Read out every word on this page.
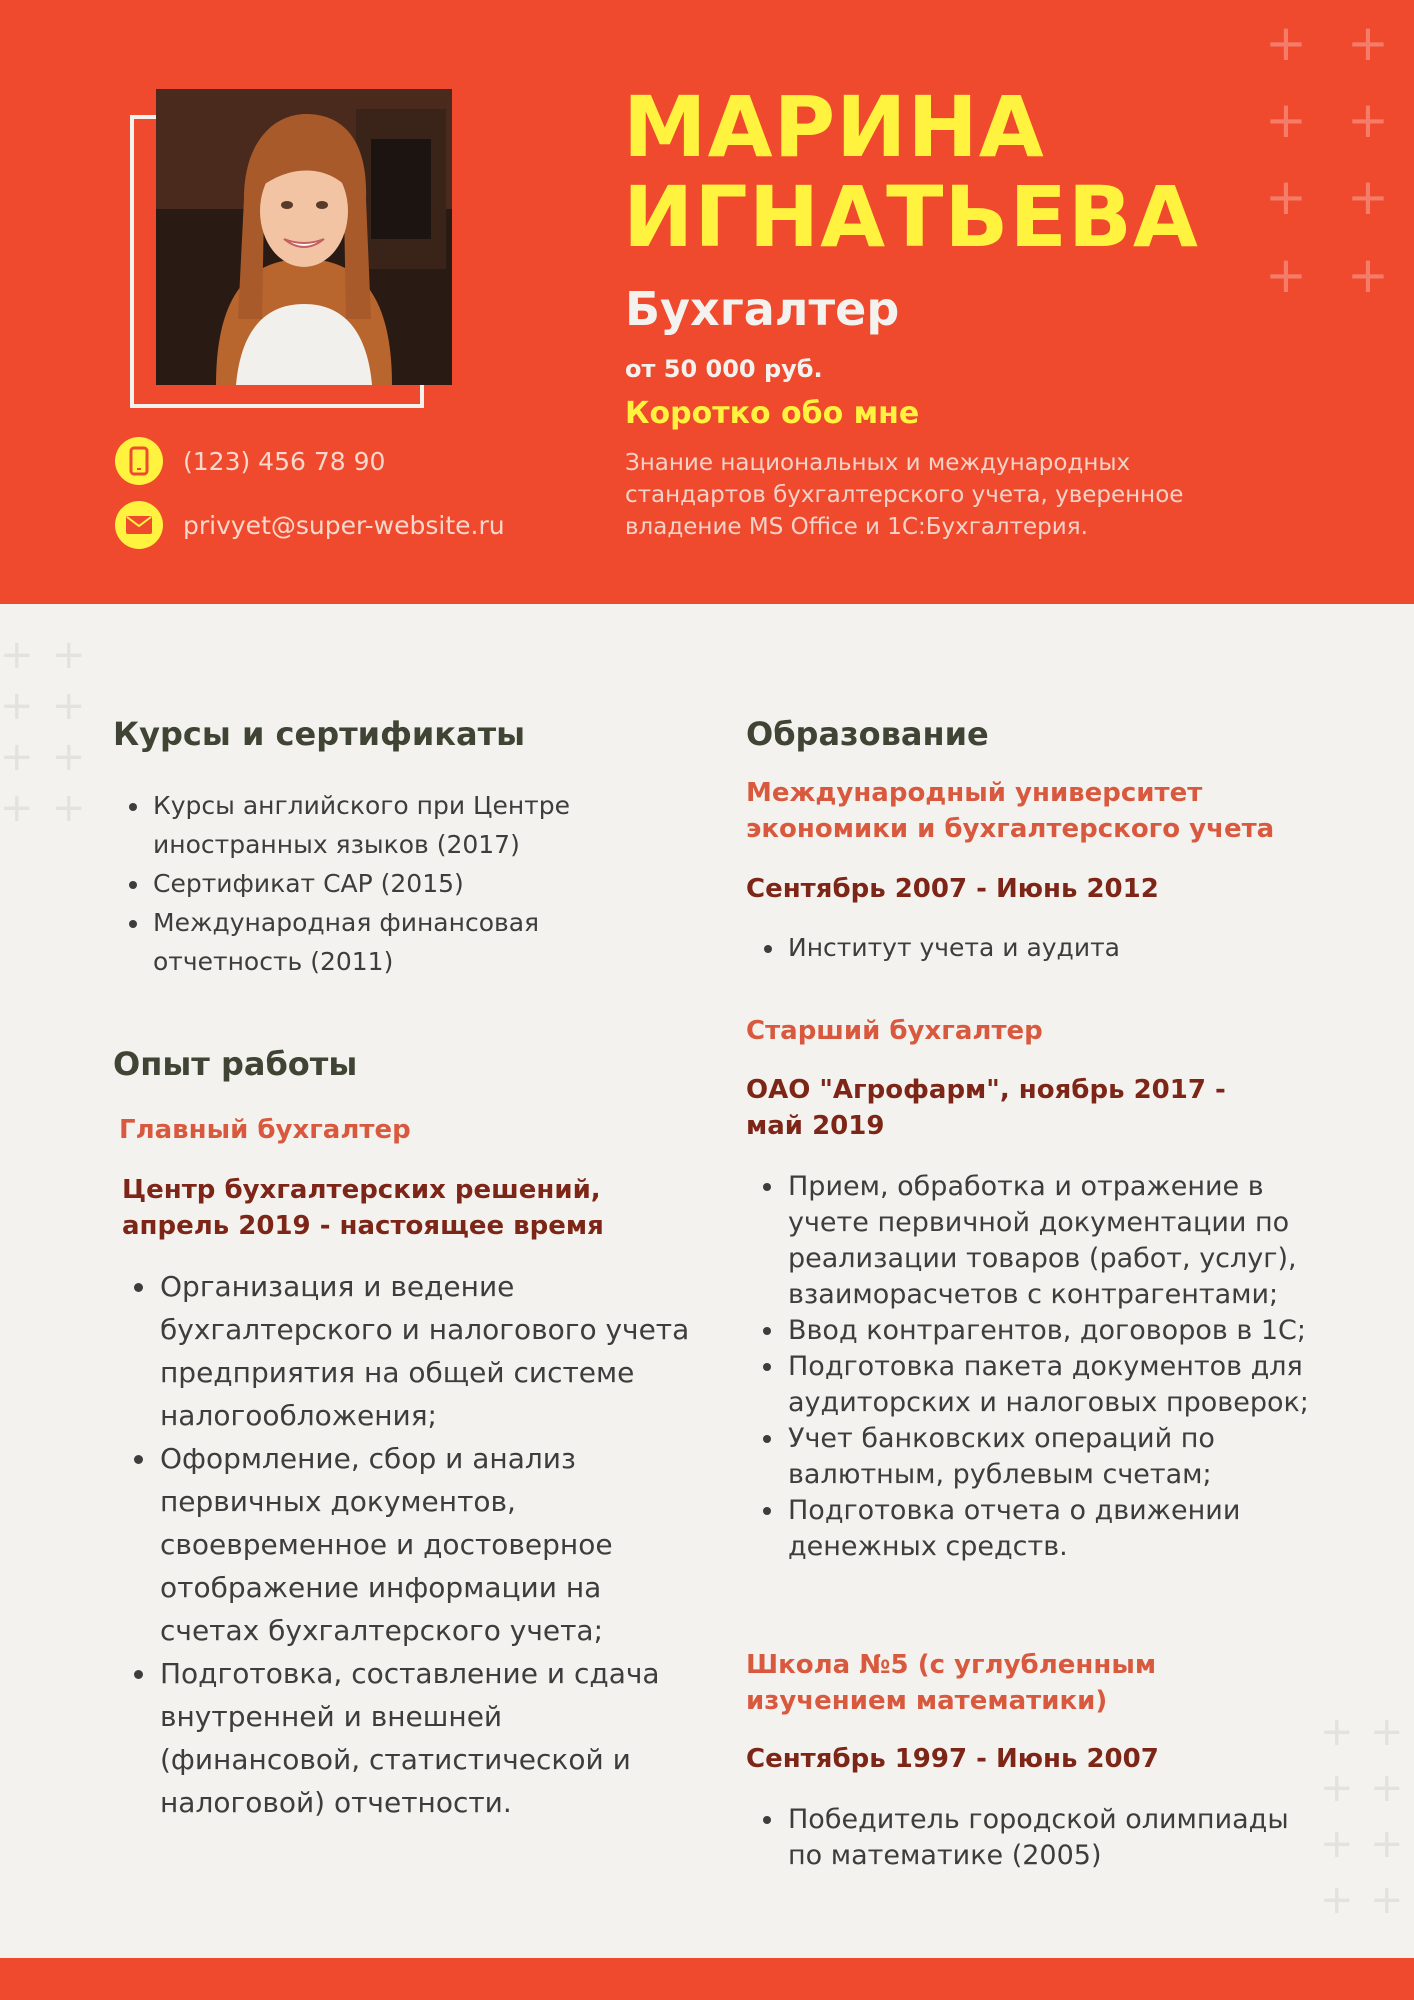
+ +
+ +
+ +
+ +
МАРИНА
ИГНАТЬЕВА
Бухгалтер
от 50 000 руб.
Коротко обо мне
Знание национальных и международных стандартов бухгалтерского учета, уверенное владение MS Office и 1С:Бухгалтерия.
(123) 456 78 90
privyet@super-website.ru
+ +
+ +
+ +
+ +
+ +
+ +
+ +
+ +
Курсы и сертификаты
• Курсы английского при Центре иностранных языков (2017)
• Сертификат САР (2015)
• Международная финансовая отчетность (2011)
Опыт работы
Главный бухгалтер
Центр бухгалтерских решений, апрель 2019 - настоящее время
• Организация и ведение бухгалтерского и налогового учета предприятия на общей системе налогообложения;
• Оформление, сбор и анализ первичных документов, своевременное и достоверное отображение информации на счетах бухгалтерского учета;
• Подготовка, составление и сдача внутренней и внешней (финансовой, статистической и налоговой) отчетности.
Образование
Международный университет экономики и бухгалтерского учета
Сентябрь 2007 - Июнь 2012
• Институт учета и аудита
Старший бухгалтер
ОАО "Агрофарм", ноябрь 2017 - май 2019
• Прием, обработка и отражение в учете первичной документации по реализации товаров (работ, услуг), взаиморасчетов с контрагентами;
• Ввод контрагентов, договоров в 1С;
• Подготовка пакета документов для аудиторских и налоговых проверок;
• Учет банковских операций по валютным, рублевым счетам;
• Подготовка отчета о движении денежных средств.
Школа №5 (с углубленным изучением математики)
Сентябрь 1997 - Июнь 2007
• Победитель городской олимпиады по математике (2005)
